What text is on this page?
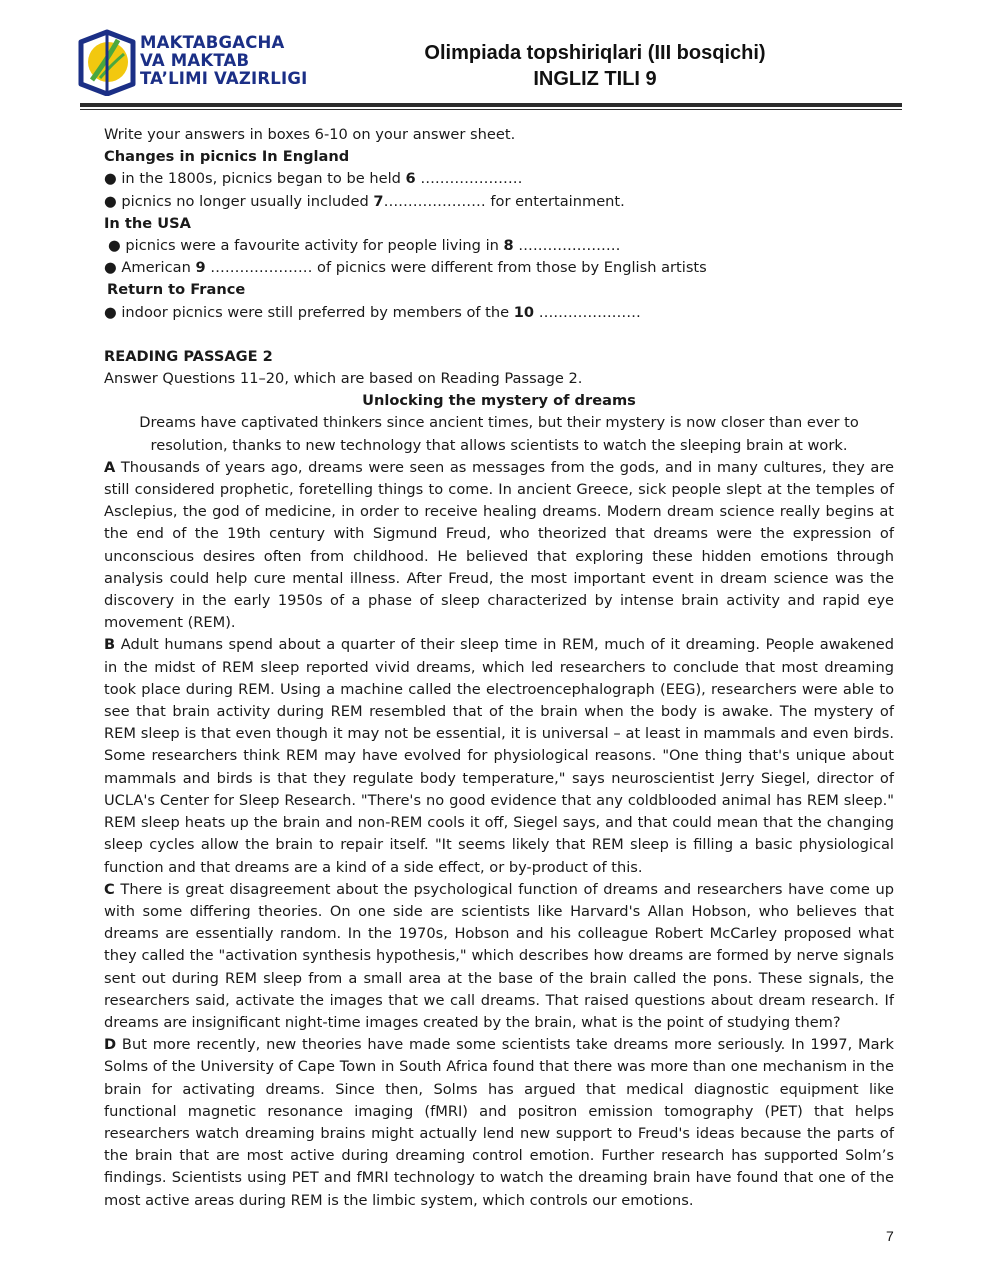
MAKTABGACHA
VA MAKTAB
TA’LIMI VAZIRLIGI
Olimpiada topshiriqlari (III bosqichi)
INGLIZ TILI 9

Write your answers in boxes 6-10 on your answer sheet.

Changes in picnics In England

● in the 1800s, picnics began to be held 6 …………………

● picnics no longer usually included 7………………… for entertainment.

In the USA

● picnics were a favourite activity for people living in 8 …………………

● American 9 ………………… of picnics were different from those by English artists

Return to France

● indoor picnics were still preferred by members of the 10 …………………

READING PASSAGE 2

Answer Questions 11–20, which are based on Reading Passage 2.

Unlocking the mystery of dreams

Dreams have captivated thinkers since ancient times, but their mystery is now closer than ever to resolution, thanks to new technology that allows scientists to watch the sleeping brain at work.

A Thousands of years ago, dreams were seen as messages from the gods, and in many cultures, they are still considered prophetic, foretelling things to come. In ancient Greece, sick people slept at the temples of Asclepius, the god of medicine, in order to receive healing dreams. Modern dream science really begins at the end of the 19th century with Sigmund Freud, who theorized that dreams were the expression of unconscious desires often from childhood. He believed that exploring these hidden emotions through analysis could help cure mental illness. After Freud, the most important event in dream science was the discovery in the early 1950s of a phase of sleep characterized by intense brain activity and rapid eye movement (REM).

B Adult humans spend about a quarter of their sleep time in REM, much of it dreaming. People awakened in the midst of REM sleep reported vivid dreams, which led researchers to conclude that most dreaming took place during REM. Using a machine called the electroencephalograph (EEG), researchers were able to see that brain activity during REM resembled that of the brain when the body is awake. The mystery of REM sleep is that even though it may not be essential, it is universal – at least in mammals and even birds. Some researchers think REM may have evolved for physiological reasons. "One thing that's unique about mammals and birds is that they regulate body temperature," says neuroscientist Jerry Siegel, director of UCLA's Center for Sleep Research. "There's no good evidence that any coldblooded animal has REM sleep." REM sleep heats up the brain and non-REM cools it off, Siegel says, and that could mean that the changing sleep cycles allow the brain to repair itself. "It seems likely that REM sleep is filling a basic physiological function and that dreams are a kind of a side effect, or by-product of this.

C There is great disagreement about the psychological function of dreams and researchers have come up with some differing theories. On one side are scientists like Harvard's Allan Hobson, who believes that dreams are essentially random. In the 1970s, Hobson and his colleague Robert McCarley proposed what they called the "activation synthesis hypothesis," which describes how dreams are formed by nerve signals sent out during REM sleep from a small area at the base of the brain called the pons. These signals, the researchers said, activate the images that we call dreams. That raised questions about dream research. If dreams are insignificant night-time images created by the brain, what is the point of studying them?

D But more recently, new theories have made some scientists take dreams more seriously. In 1997, Mark Solms of the University of Cape Town in South Africa found that there was more than one mechanism in the brain for activating dreams. Since then, Solms has argued that medical diagnostic equipment like functional magnetic resonance imaging (fMRI) and positron emission tomography (PET) that helps researchers watch dreaming brains might actually lend new support to Freud's ideas because the parts of the brain that are most active during dreaming control emotion. Further research has supported Solm’s findings. Scientists using PET and fMRI technology to watch the dreaming brain have found that one of the most active areas during REM is the limbic system, which controls our emotions.

7
